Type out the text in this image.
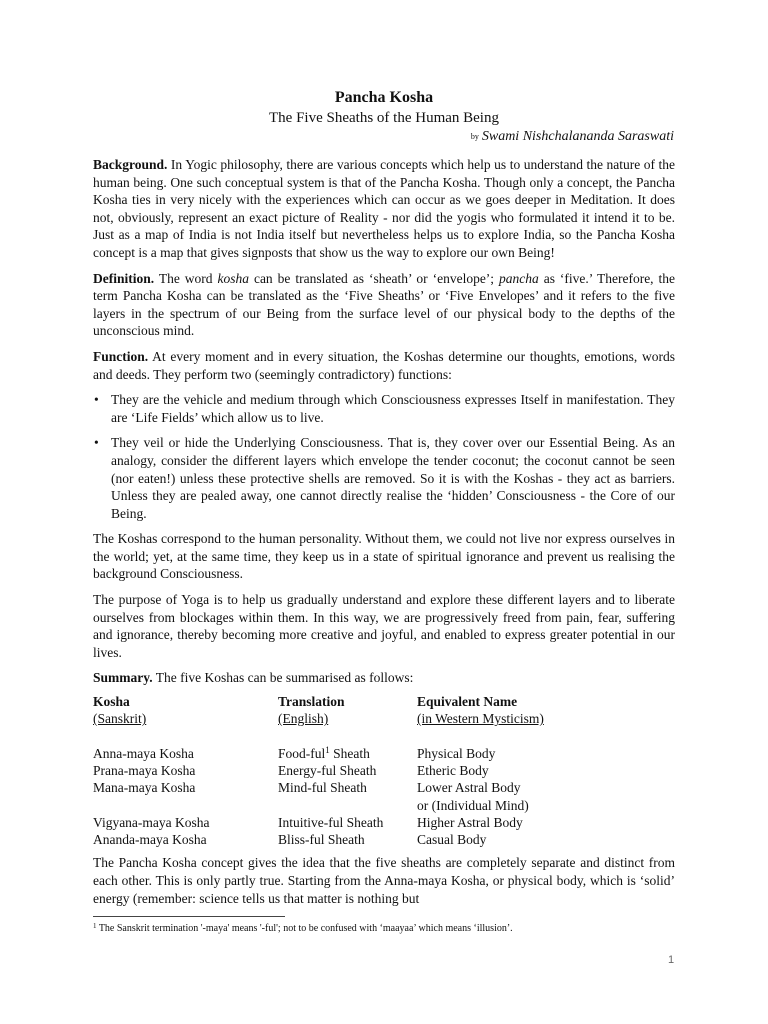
Pancha Kosha
The Five Sheaths of the Human Being
by Swami Nishchalananda Saraswati

Background. In Yogic philosophy, there are various concepts which help us to understand the nature of the human being. One such conceptual system is that of the Pancha Kosha. Though only a concept, the Pancha Kosha ties in very nicely with the experiences which can occur as we goes deeper in Meditation. It does not, obviously, represent an exact picture of Reality - nor did the yogis who formulated it intend it to be. Just as a map of India is not India itself but nevertheless helps us to explore India, so the Pancha Kosha concept is a map that gives signposts that show us the way to explore our own Being!

Definition. The word kosha can be translated as ‘sheath’ or ‘envelope’; pancha as ‘five.’ Therefore, the term Pancha Kosha can be translated as the ‘Five Sheaths’ or ‘Five Envelopes’ and it refers to the five layers in the spectrum of our Being from the surface level of our physical body to the depths of the unconscious mind.

Function. At every moment and in every situation, the Koshas determine our thoughts, emotions, words and deeds. They perform two (seemingly contradictory) functions:

• They are the vehicle and medium through which Consciousness expresses Itself in manifestation. They are ‘Life Fields’ which allow us to live.
• They veil or hide the Underlying Consciousness. That is, they cover over our Essential Being. As an analogy, consider the different layers which envelope the tender coconut; the coconut cannot be seen (nor eaten!) unless these protective shells are removed. So it is with the Koshas - they act as barriers. Unless they are pealed away, one cannot directly realise the ‘hidden’ Consciousness - the Core of our Being.

The Koshas correspond to the human personality. Without them, we could not live nor express ourselves in the world; yet, at the same time, they keep us in a state of spiritual ignorance and prevent us realising the background Consciousness.

The purpose of Yoga is to help us gradually understand and explore these different layers and to liberate ourselves from blockages within them. In this way, we are progressively freed from pain, fear, suffering and ignorance, thereby becoming more creative and joyful, and enabled to express greater potential in our lives.

Summary. The five Koshas can be summarised as follows:

Kosha	Translation	Equivalent Name
(Sanskrit)	(English)	(in Western Mysticism)
Anna-maya Kosha	Food-ful$^1$ Sheath	Physical Body
Prana-maya Kosha	Energy-ful Sheath	Etheric Body
Mana-maya Kosha	Mind-ful Sheath	Lower Astral Body
or (Individual Mind)
Vigyana-maya Kosha	Intuitive-ful Sheath	Higher Astral Body
Ananda-maya Kosha	Bliss-ful Sheath	Casual Body

The Pancha Kosha concept gives the idea that the five sheaths are completely separate and distinct from each other. This is only partly true. Starting from the Anna-maya Kosha, or physical body, which is ‘solid’ energy (remember: science tells us that matter is nothing but

$^1$ The Sanskrit termination '-maya' means '-ful'; not to be confused with ‘maayaa’ which means ‘illusion’.
1
